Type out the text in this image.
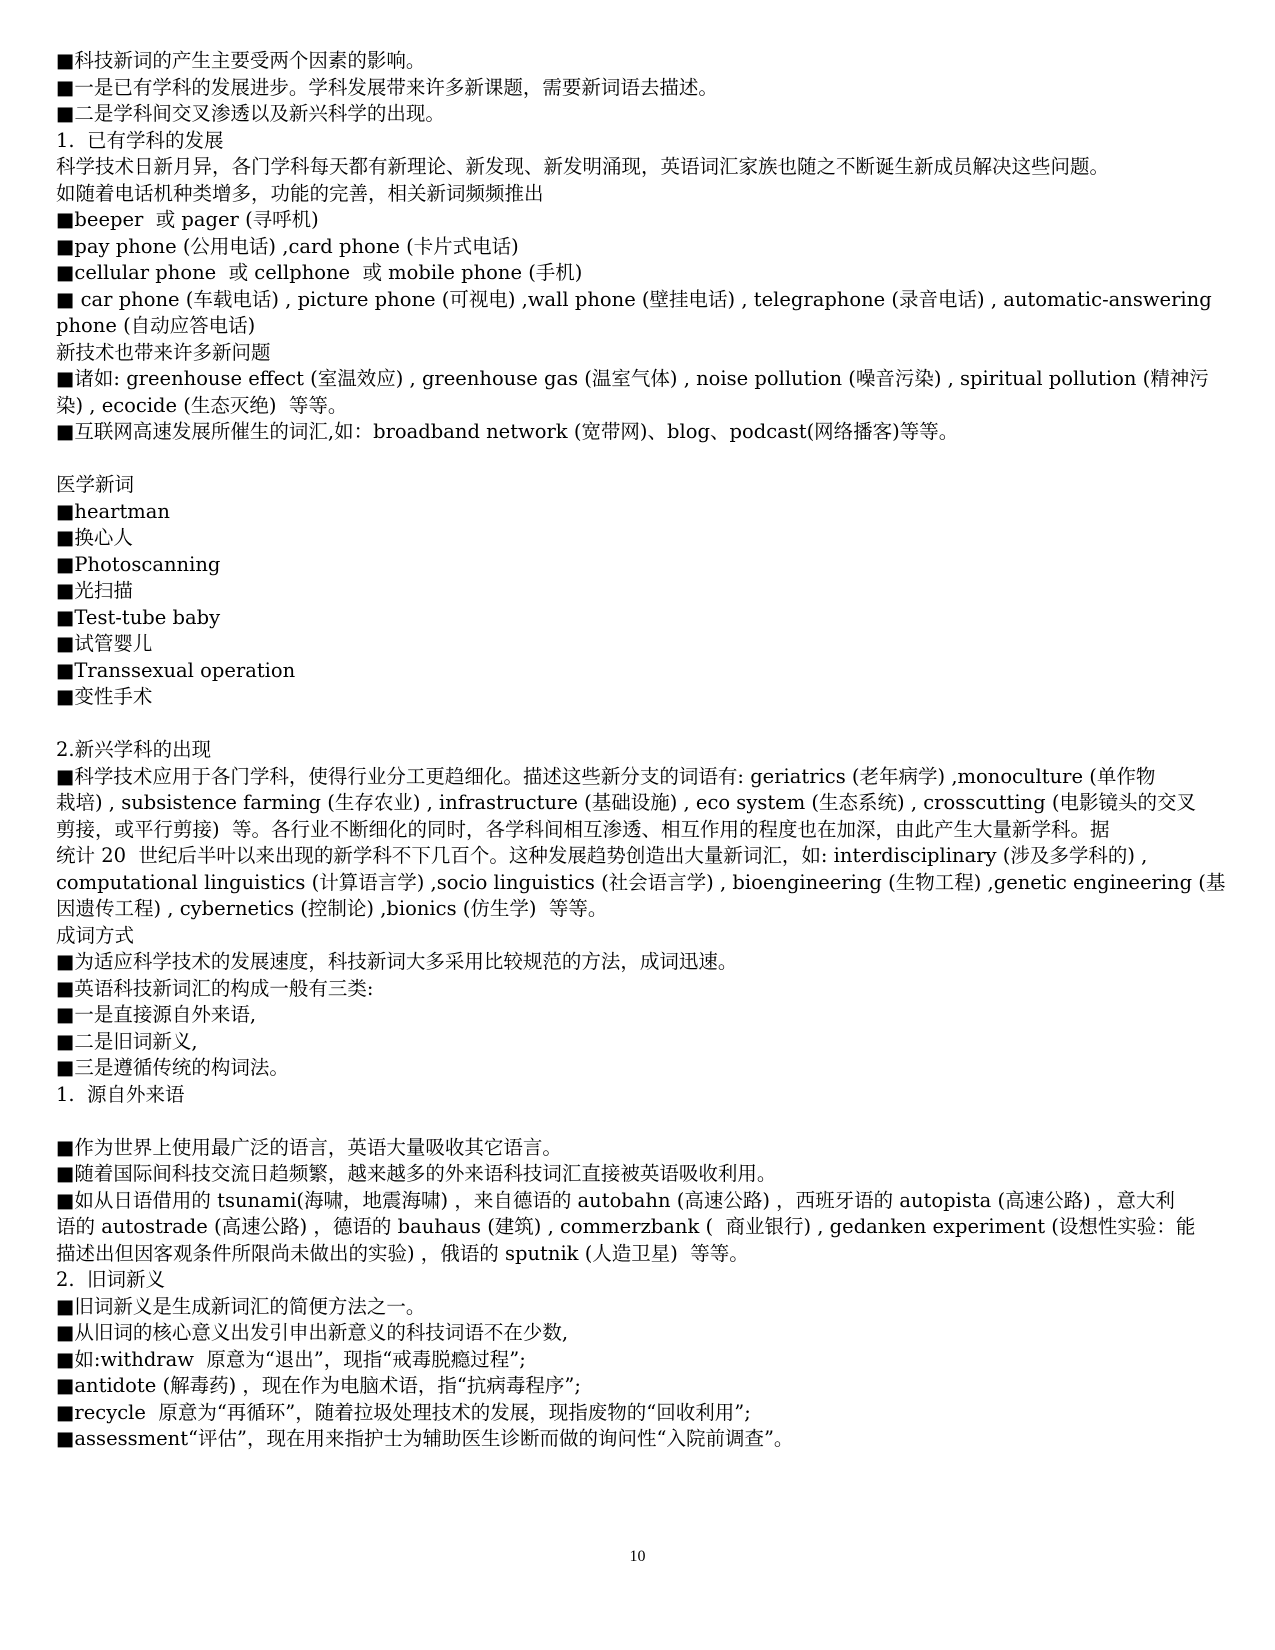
■科技新词的产生主要受两个因素的影响。

■一是已有学科的发展进步。学科发展带来许多新课题，需要新词语去描述。

■二是学科间交叉渗透以及新兴科学的出现。

1.  已有学科的发展

科学技术日新月异，各门学科每天都有新理论、新发现、新发明涌现，英语词汇家族也随之不断诞生新成员解决这些问题。

如随着电话机种类增多，功能的完善，相关新词频频推出

■beeper  或 pager (寻呼机)

■pay phone (公用电话) ,card phone (卡片式电话)

■cellular phone  或 cellphone  或 mobile phone (手机)

■ car phone (车载电话) , picture phone (可视电) ,wall phone (壁挂电话) , telegraphone (录音电话) , automatic-answering

phone (自动应答电话)

新技术也带来许多新问题

■诸如: greenhouse effect (室温效应) , greenhouse gas (温室气体) , noise pollution (噪音污染) , spiritual pollution (精神污

染) , ecocide (生态灭绝)  等等。

■互联网高速发展所催生的词汇,如：broadband network (宽带网)、blog、podcast(网络播客)等等。

医学新词

■heartman

■换心人

■Photoscanning

■光扫描

■Test-tube baby

■试管婴儿

■Transsexual operation

■变性手术

2.新兴学科的出现

■科学技术应用于各门学科，使得行业分工更趋细化。描述这些新分支的词语有: geriatrics (老年病学) ,monoculture (单作物

栽培) , subsistence farming (生存农业) , infrastructure (基础设施) , eco system (生态系统) , crosscutting (电影镜头的交叉

剪接，或平行剪接)  等。各行业不断细化的同时，各学科间相互渗透、相互作用的程度也在加深，由此产生大量新学科。据

统计 20  世纪后半叶以来出现的新学科不下几百个。这种发展趋势创造出大量新词汇，如: interdisciplinary (涉及多学科的) ,

computational linguistics (计算语言学) ,socio linguistics (社会语言学) , bioengineering (生物工程) ,genetic engineering (基

因遗传工程) , cybernetics (控制论) ,bionics (仿生学)  等等。

成词方式

■为适应科学技术的发展速度，科技新词大多采用比较规范的方法，成词迅速。

■英语科技新词汇的构成一般有三类:

■一是直接源自外来语,

■二是旧词新义,

■三是遵循传统的构词法。

1.  源自外来语

■作为世界上使用最广泛的语言，英语大量吸收其它语言。

■随着国际间科技交流日趋频繁，越来越多的外来语科技词汇直接被英语吸收利用。

■如从日语借用的 tsunami(海啸，地震海啸) ，来自德语的 autobahn (高速公路) ，西班牙语的 autopista (高速公路) ，意大利

语的 autostrade (高速公路) ，德语的 bauhaus (建筑) , commerzbank (  商业银行) , gedanken experiment (设想性实验：能

描述出但因客观条件所限尚未做出的实验) ，俄语的 sputnik (人造卫星)  等等。

2.  旧词新义

■旧词新义是生成新词汇的简便方法之一。

■从旧词的核心意义出发引申出新意义的科技词语不在少数,

■如:withdraw  原意为“退出”，现指“戒毒脱瘾过程”;

■antidote (解毒药) ，现在作为电脑术语，指“抗病毒程序”;

■recycle  原意为“再循环”，随着拉圾处理技术的发展，现指废物的“回收利用”;

■assessment“评估”，现在用来指护士为辅助医生诊断而做的询问性“入院前调查”。

10
